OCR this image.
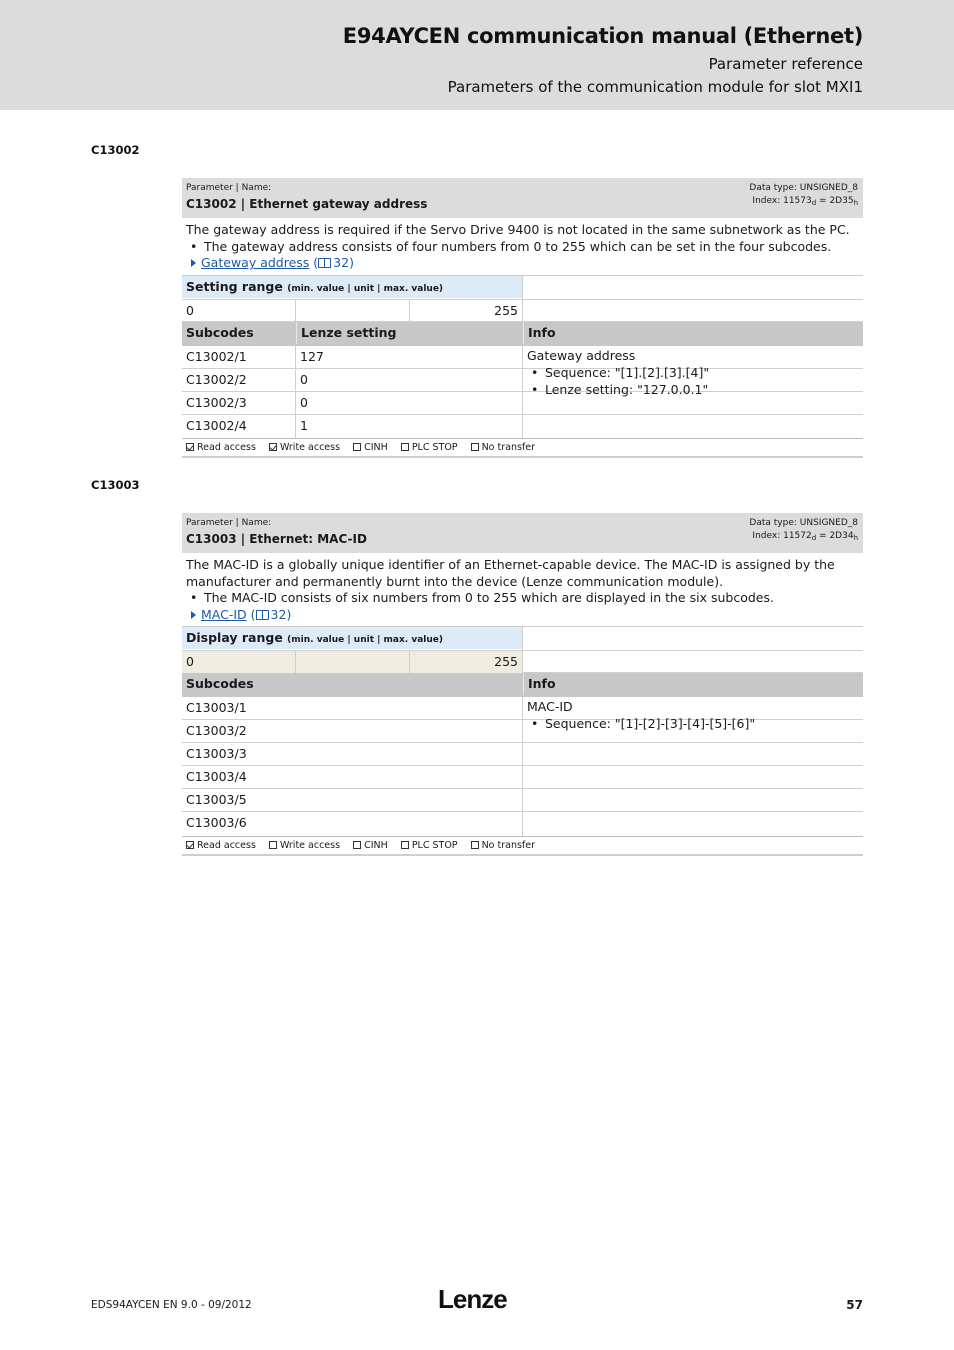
E94AYCEN communication manual (Ethernet)
Parameter reference
Parameters of the communication module for slot MXI1
C13002
Parameter | Name:
C13002 | Ethernet gateway address
Data type: UNSIGNED_8
Index: $11573_d = 2D35_h$
The gateway address is required if the Servo Drive 9400 is not located in the same subnetwork as the PC.
• The gateway address consists of four numbers from 0 to 255 which can be set in the four subcodes.
Gateway address ( 32)
Setting range (min. value | unit | max. value)
0	255
Subcodes	Lenze setting	Info
C13002/1	127
C13002/2	0
C13002/3	0
C13002/4	1
Gateway address
• Sequence: "[1].[2].[3].[4]"
• Lenze setting: "127.0.0.1"
Read access	Write access	CINH	PLC STOP	No transfer
C13003
Parameter | Name:
C13003 | Ethernet: MAC-ID
Data type: UNSIGNED_8
Index: $11572_d = 2D34_h$
The MAC-ID is a globally unique identifier of an Ethernet-capable device. The MAC-ID is assigned by the manufacturer and permanently burnt into the device (Lenze communication module).
• The MAC-ID consists of six numbers from 0 to 255 which are displayed in the six subcodes.
MAC-ID ( 32)
Display range (min. value | unit | max. value)
0	255
Subcodes	Info
C13003/1
C13003/2
C13003/3
C13003/4
C13003/5
C13003/6
MAC-ID
• Sequence: "[1]-[2]-[3]-[4]-[5]-[6]"
Read access	Write access	CINH	PLC STOP	No transfer
EDS94AYCEN EN 9.0 - 09/2012	Lenze	57
